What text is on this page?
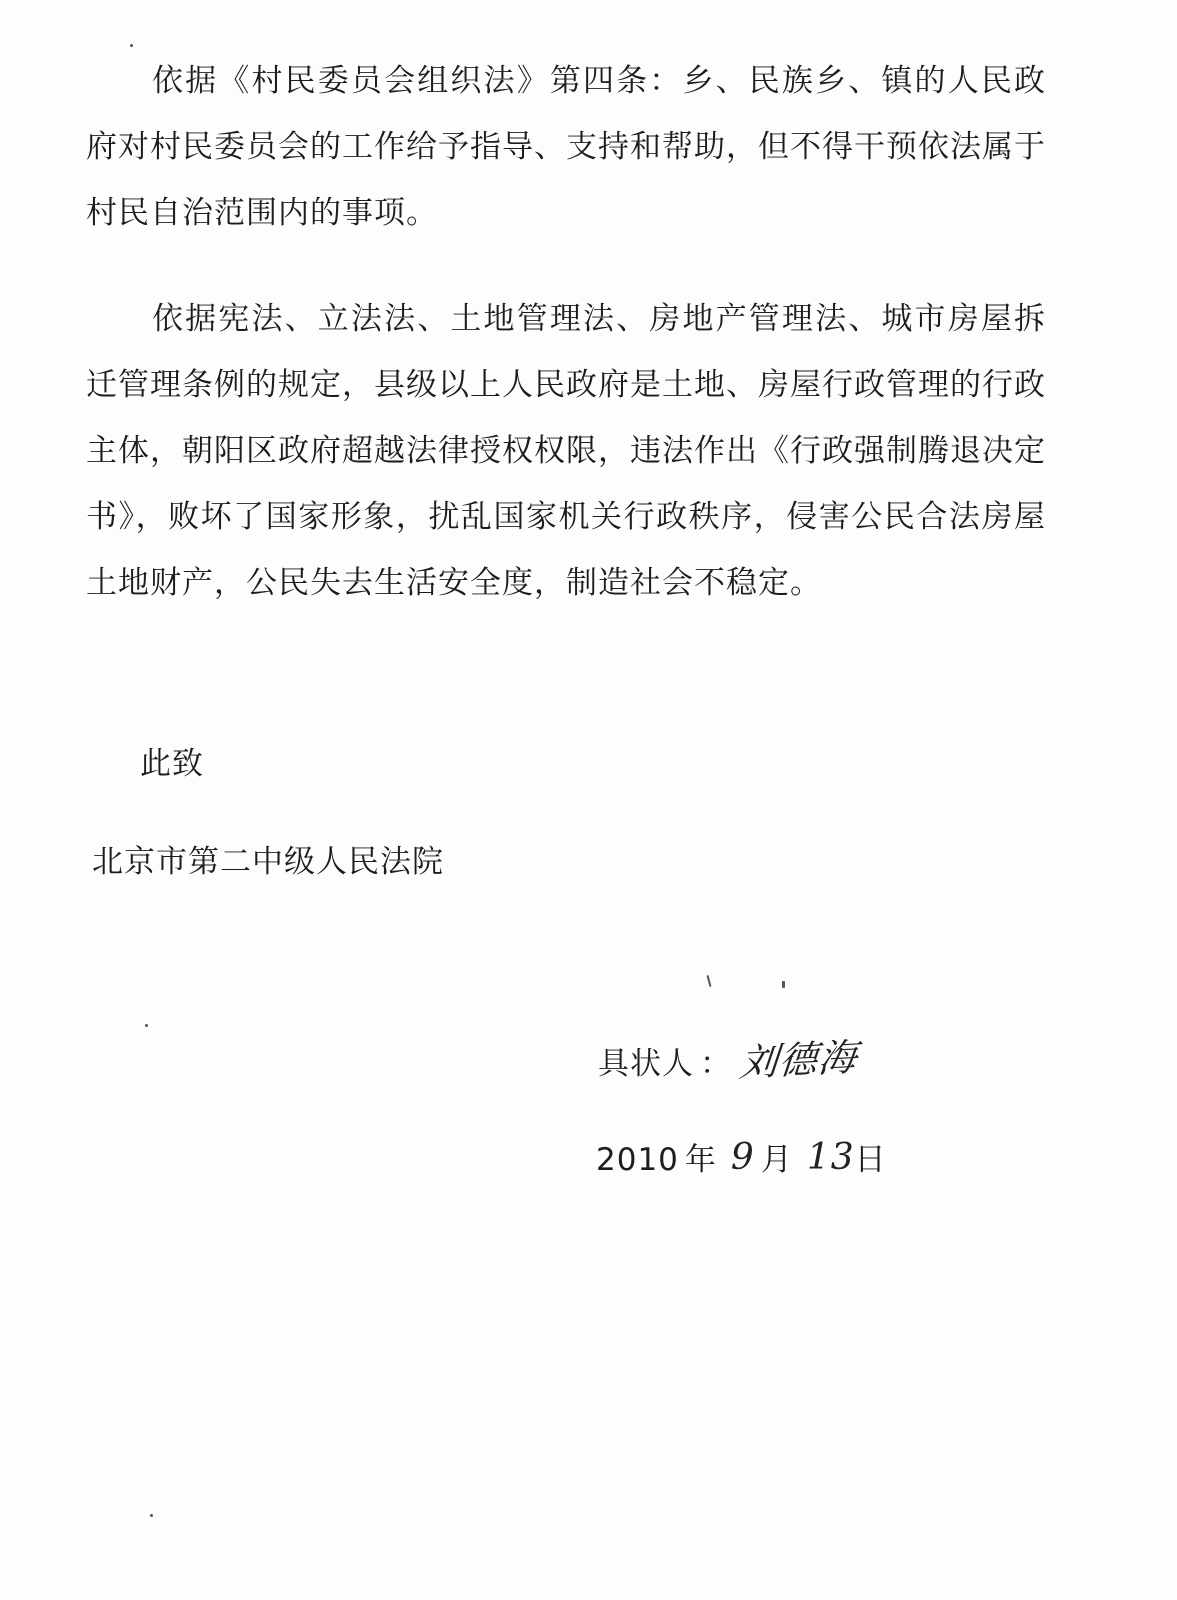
依据《村民委员会组织法》第四条：乡、民族乡、镇的人民政府对村民委员会的工作给予指导、支持和帮助，但不得干预依法属于村民自治范围内的事项。

依据宪法、立法法、土地管理法、房地产管理法、城市房屋拆迁管理条例的规定，县级以上人民政府是土地、房屋行政管理的行政主体，朝阳区政府超越法律授权权限，违法作出《行政强制腾退决定书》，败坏了国家形象，扰乱国家机关行政秩序，侵害公民合法房屋土地财产，公民失去生活安全度，制造社会不稳定。

此致
北京市第二中级人民法院
具状人 ： 刘德海
2010 年 9 月 13 日
